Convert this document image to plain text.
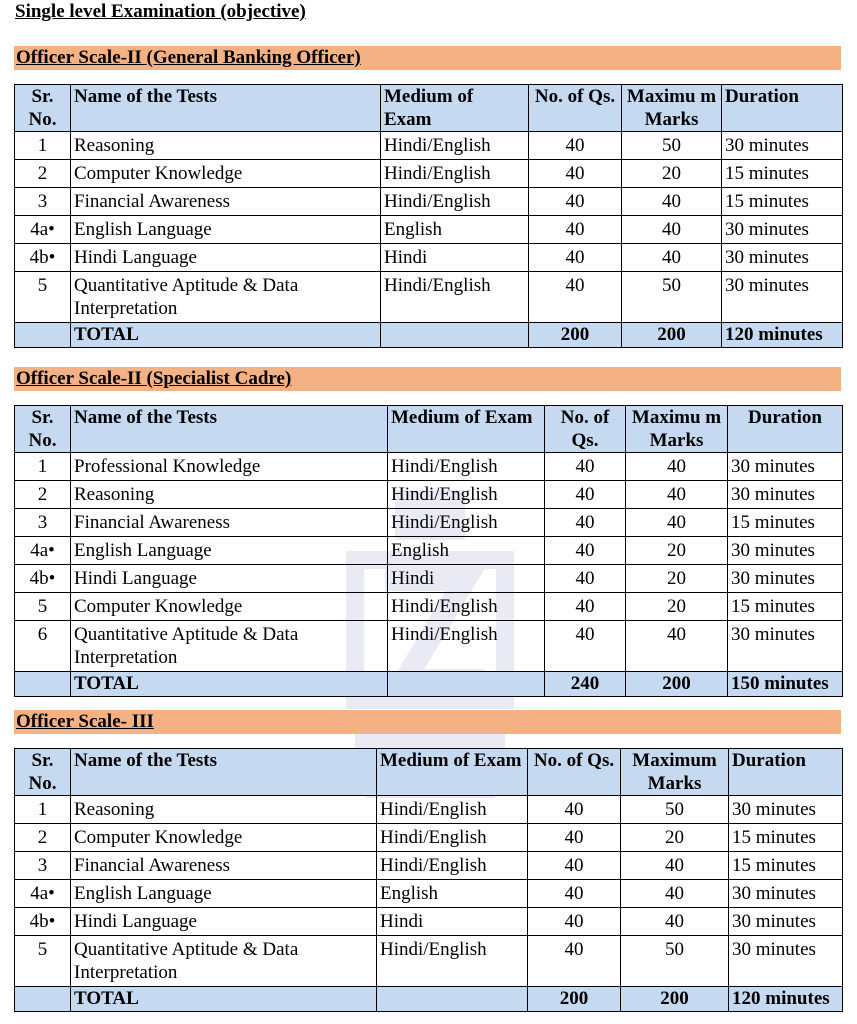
Single level Examination (objective)
Officer Scale-II (General Banking Officer)
Sr. No.	Name of the Tests	Medium of Exam	No. of Qs.	Maximu m Marks	Duration
1	Reasoning	Hindi/English	40	50	30 minutes
2	Computer Knowledge	Hindi/English	40	20	15 minutes
3	Financial Awareness	Hindi/English	40	40	15 minutes
4a•	English Language	English	40	40	30 minutes
4b•	Hindi Language	Hindi	40	40	30 minutes
5	Quantitative Aptitude & Data Interpretation	Hindi/English	40	50	30 minutes
	TOTAL		200	200	120 minutes
Officer Scale-II (Specialist Cadre)
Sr. No.	Name of the Tests	Medium of Exam	No. of Qs.	Maximu m Marks	Duration
1	Professional Knowledge	Hindi/English	40	40	30 minutes
2	Reasoning	Hindi/English	40	40	30 minutes
3	Financial Awareness	Hindi/English	40	40	15 minutes
4a•	English Language	English	40	20	30 minutes
4b•	Hindi Language	Hindi	40	20	30 minutes
5	Computer Knowledge	Hindi/English	40	20	15 minutes
6	Quantitative Aptitude & Data Interpretation	Hindi/English	40	40	30 minutes
	TOTAL		240	200	150 minutes
Officer Scale- III
Sr. No.	Name of the Tests	Medium of Exam	No. of Qs.	Maximum Marks	Duration
1	Reasoning	Hindi/English	40	50	30 minutes
2	Computer Knowledge	Hindi/English	40	20	15 minutes
3	Financial Awareness	Hindi/English	40	40	15 minutes
4a•	English Language	English	40	40	30 minutes
4b•	Hindi Language	Hindi	40	40	30 minutes
5	Quantitative Aptitude & Data Interpretation	Hindi/English	40	50	30 minutes
	TOTAL		200	200	120 minutes
